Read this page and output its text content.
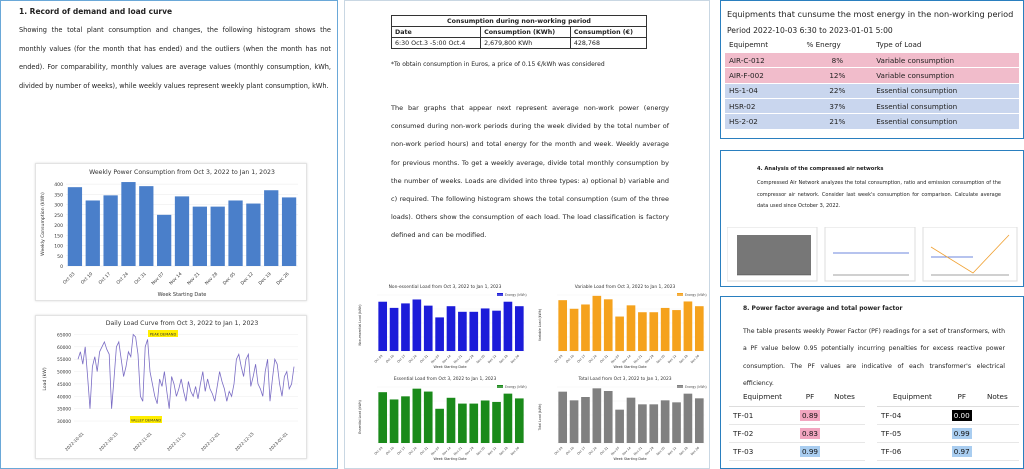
1. Record of demand and load curve
Showing the total plant consumption and changes, the following histogram shows the monthly values (for the month that has ended) and the outliers (when the month has not ended). For comparability, monthly values are average values (monthly consumption, kWh, divided by number of weeks), while weekly values represent weekly plant consumption, kWh.
Weekly Power Consumption from Oct 3, 2022 to Jan 1, 2023
0
50
100
150
200
250
300
350
400
Oct 03 Oct 10 Oct 17 Oct 24 Oct 31 Nov 07 Nov 14 Nov 21 Nov 28 Dec 05 Dec 12 Dec 19 Dec 26
Week Starting Date
Weekly Consumption (kWh)
Daily Load Curve from Oct 3, 2022 to Jan 1, 2023
30000
35000
40000
45000
50000
55000
60000
65000
2022-10-01	2022-10-15	2022-11-01	2022-11-15	2022-12-01	2022-12-15	2023-01-01
Load (kW)
PEAK DEMAND
VALLEY DEMAND
Consumption during non-working period		
Date	Consumption (KWh)	Consumption (€)
6:30 Oct.3 -5:00 Oct.4	2,679,800 KWh	428,768
*To obtain consumption in Euros, a price of 0.15 €/kWh was considered
The bar graphs that appear next represent average non-work power (energy consumed during non-work periods during the week divided by the total number of non-work period hours) and total energy for the month and week. Weekly average for previous months. To get a weekly average, divide total monthly consumption by the number of weeks. Loads are divided into three types: a) optional b) variable and c) required. The following histogram shows the total consumption (sum of the three loads). Others show the consumption of each load. The load classification is factory defined and can be modified.
Non-essential Load from Oct 3, 2022 to Jan 1, 2023
Energy (kWh)
Oct 03 Oct 10 Oct 17 Oct 24 Oct 31 Nov 07 Nov 14 Nov 21 Nov 28 Dec 05 Dec 12 Dec 19 Dec 26
Week Starting Date
Non-essential Load (kWh)
Variable Load from Oct 3, 2022 to Jan 1, 2023
Energy (kWh)
Oct 03 Oct 10 Oct 17 Oct 24 Oct 31 Nov 07 Nov 14 Nov 21 Nov 28 Dec 05 Dec 12 Dec 19 Dec 26
Week Starting Date
Variable Load (kWh)
Essential Load from Oct 3, 2022 to Jan 1, 2023
Energy (kWh)
Oct 03 Oct 10 Oct 17 Oct 24 Oct 31 Nov 07 Nov 14 Nov 21 Nov 28 Dec 05 Dec 12 Dec 19 Dec 26
Week Starting Date
Essential Load (kWh)
Total Load from Oct 3, 2022 to Jan 1, 2023
Energy (kWh)
Oct 03 Oct 10 Oct 17 Oct 24 Oct 31 Nov 07 Nov 14 Nov 21 Nov 28 Dec 05 Dec 12 Dec 19 Dec 26
Week Starting Date
Total Load (kWh)
Equipments that cunsume the most energy in the non-working period
Period 2022-10-03 6:30 to 2023-01-01 5:00
Equipemnt	% Energy	Type of Load
AIR-C-012	8%	Variable consumption
AIR-F-002	12%	Variable consumption
HS-1-04	22%	Essential consumption
HSR-02	37%	Essential consumption
HS-2-02	21%	Essential consumption
4. Analysis of the compressed air networks
Compressed Air Network analyzes the total consumption, ratio and emission consumption of the compressor air network. Consider last week's consumption for comparison. Calculate average data used since October 3, 2022.
8. Power factor average and total power factor
The table presents weekly Power Factor (PF) readings for a set of transformers, with a PF value below 0.95 potentially incurring penalties for excess reactive power consumption. The PF values are indicative of each transformer's electrical efficiency.
Equipment	PF	Notes
TF-01	0.89	
TF-02	0.83	
TF-03	0.99	
Equipment	PF	Notes
TF-04	0.00	
TF-05	0.99	
TF-06	0.97	
